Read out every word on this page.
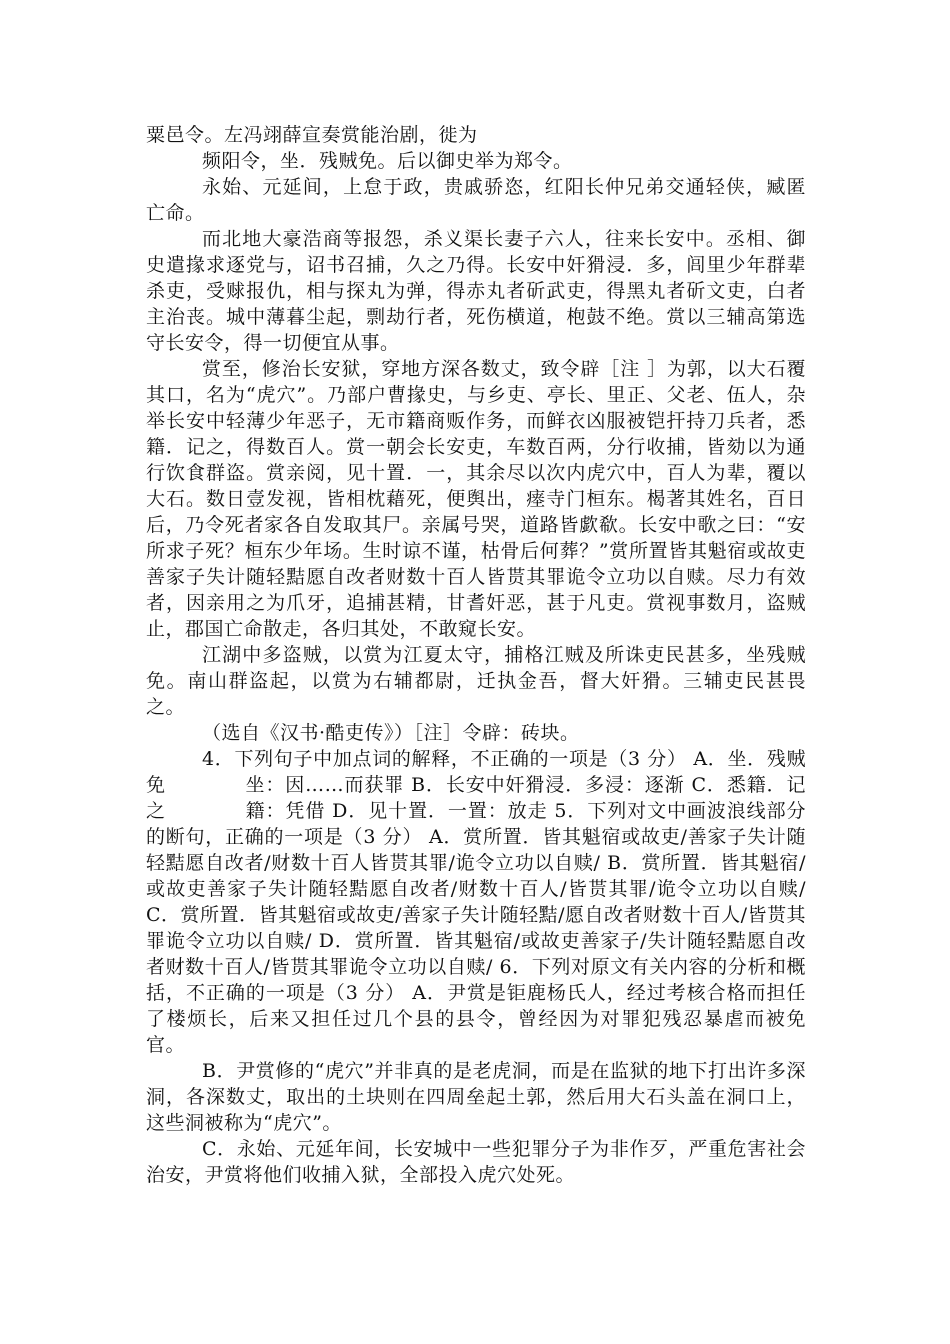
粟邑令。左冯翊薛宣奏赏能治剧，徙为

频阳令，坐．残贼免。后以御史举为郑令。

永始、元延间，上怠于政，贵戚骄恣，红阳长仲兄弟交通轻侠，臧匿亡命。

而北地大豪浩商等报怨，杀义渠长妻子六人，往来长安中。丞相、御史遣掾求逐党与，诏书召捕，久之乃得。长安中奸猾浸．多，闾里少年群辈杀吏，受赇报仇，相与探丸为弹，得赤丸者斫武吏，得黑丸者斫文吏，白者主治丧。城中薄暮尘起，剽劫行者，死伤横道，枹鼓不绝。赏以三辅高第选守长安令，得一切便宜从事。

赏至，修治长安狱，穿地方深各数丈，致令辟［注 ］为郭，以大石覆其口，名为“虎穴”。乃部户曹掾史，与乡吏、亭长、里正、父老、伍人，杂举长安中轻薄少年恶子，无市籍商贩作务，而鲜衣凶服被铠扞持刀兵者，悉籍．记之，得数百人。赏一朝会长安吏，车数百两，分行收捕，皆劾以为通行饮食群盗。赏亲阅，见十置．一，其余尽以次内虎穴中，百人为辈，覆以大石。数日壹发视，皆相枕藉死，便舆出，瘗寺门桓东。楬著其姓名，百日后，乃令死者家各自发取其尸。亲属号哭，道路皆歔欷。长安中歌之曰：“安所求子死？桓东少年场。生时谅不谨，枯骨后何葬？”赏所置皆其魁宿或故吏善家子失计随轻黠愿自改者财数十百人皆贳其罪诡令立功以自赎。尽力有效者，因亲用之为爪牙，追捕甚精，甘耆奸恶，甚于凡吏。赏视事数月，盗贼止，郡国亡命散走，各归其处，不敢窥长安。

江湖中多盗贼，以赏为江夏太守，捕格江贼及所诛吏民甚多，坐残贼免。南山群盗起，以赏为右辅都尉，迁执金吾，督大奸猾。三辅吏民甚畏之。

（选自《汉书·酷吏传》）［注］令辟：砖块。

4．下列句子中加点词的解释，不正确的一项是（3 分） A．坐．残贼免　　　　坐：因……而获罪 B．长安中奸猾浸．多浸：逐渐 C．悉籍．记之　　　　籍：凭借 D．见十置．一置：放走 5．下列对文中画波浪线部分的断句，正确的一项是（3 分） A．赏所置．皆其魁宿或故吏/善家子失计随轻黠愿自改者/财数十百人皆贳其罪/诡令立功以自赎/ B．赏所置．皆其魁宿/或故吏善家子失计随轻黠愿自改者/财数十百人/皆贳其罪/诡令立功以自赎/ C．赏所置．皆其魁宿或故吏/善家子失计随轻黠/愿自改者财数十百人/皆贳其罪诡令立功以自赎/ D．赏所置．皆其魁宿/或故吏善家子/失计随轻黠愿自改者财数十百人/皆贳其罪诡令立功以自赎/ 6．下列对原文有关内容的分析和概括，不正确的一项是（3 分） A．尹赏是钜鹿杨氏人，经过考核合格而担任了楼烦长，后来又担任过几个县的县令，曾经因为对罪犯残忍暴虐而被免官。

B．尹赏修的“虎穴”并非真的是老虎洞，而是在监狱的地下打出许多深洞，各深数丈，取出的土块则在四周垒起土郭，然后用大石头盖在洞口上，这些洞被称为“虎穴”。

C．永始、元延年间，长安城中一些犯罪分子为非作歹，严重危害社会治安，尹赏将他们收捕入狱，全部投入虎穴处死。
